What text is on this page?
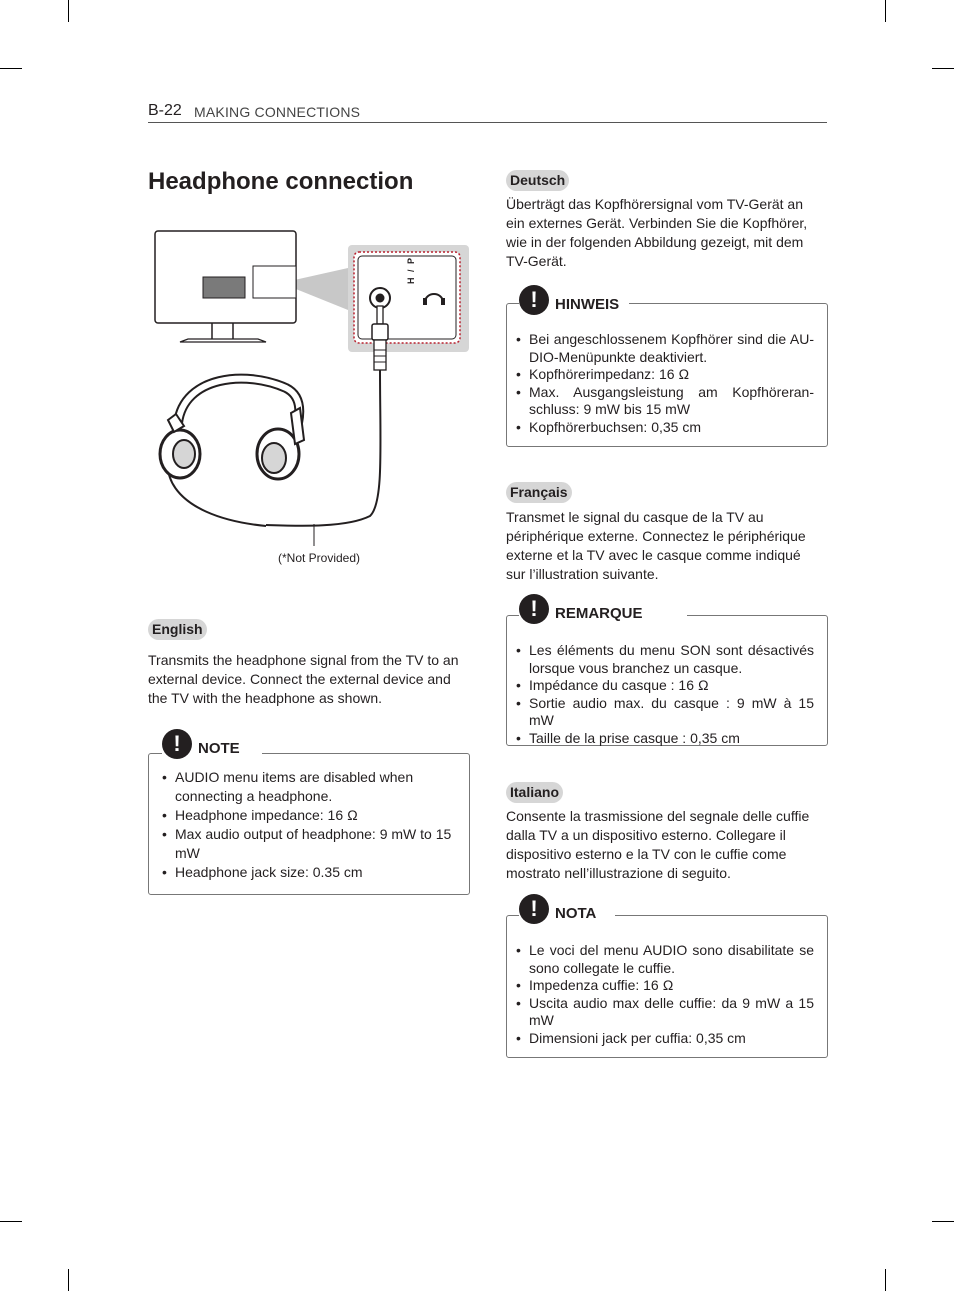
B-22 MAKING CONNECTIONS
Headphone connection
H / P
(*Not Provided)
English
Transmits the headphone signal from the TV to an external device. Connect the external device and the TV with the headphone as shown.
• AUDIO menu items are disabled when connecting a headphone.
• Headphone impedance: 16 Ω
• Max audio output of headphone: 9 mW to 15 mW
• Headphone jack size: 0.35 cm
!
NOTE
Deutsch
Überträgt das Kopfhörersignal vom TV-Gerät an ein externes Gerät. Verbinden Sie die Kopfhörer, wie in der folgenden Abbildung gezeigt, mit dem TV-Gerät.
• Bei angeschlossenem Kopfhörer sind die AU-DIO-Menüpunkte deaktiviert.
• Kopfhörerimpedanz: 16 Ω
• Max. Ausgangsleistung am Kopfhöreran-schluss: 9 mW bis 15 mW
• Kopfhörerbuchsen: 0,35 cm
!
HINWEIS
Français
Transmet le signal du casque de la TV au périphérique externe. Connectez le périphérique externe et la TV avec le casque comme indiqué sur l’illustration suivante.
• Les éléments du menu SON sont désactivés lorsque vous branchez un casque.
• Impédance du casque : 16 Ω
• Sortie audio max. du casque : 9 mW à 15 mW
• Taille de la prise casque : 0,35 cm
!
REMARQUE
Italiano
Consente la trasmissione del segnale delle cuffie dalla TV a un dispositivo esterno. Collegare il dispositivo esterno e la TV con le cuffie come mostrato nell’illustrazione di seguito.
• Le voci del menu AUDIO sono disabilitate se sono collegate le cuffie.
• Impedenza cuffie: 16 Ω
• Uscita audio max delle cuffie: da 9 mW a 15 mW
• Dimensioni jack per cuffia: 0,35 cm
!
NOTA
